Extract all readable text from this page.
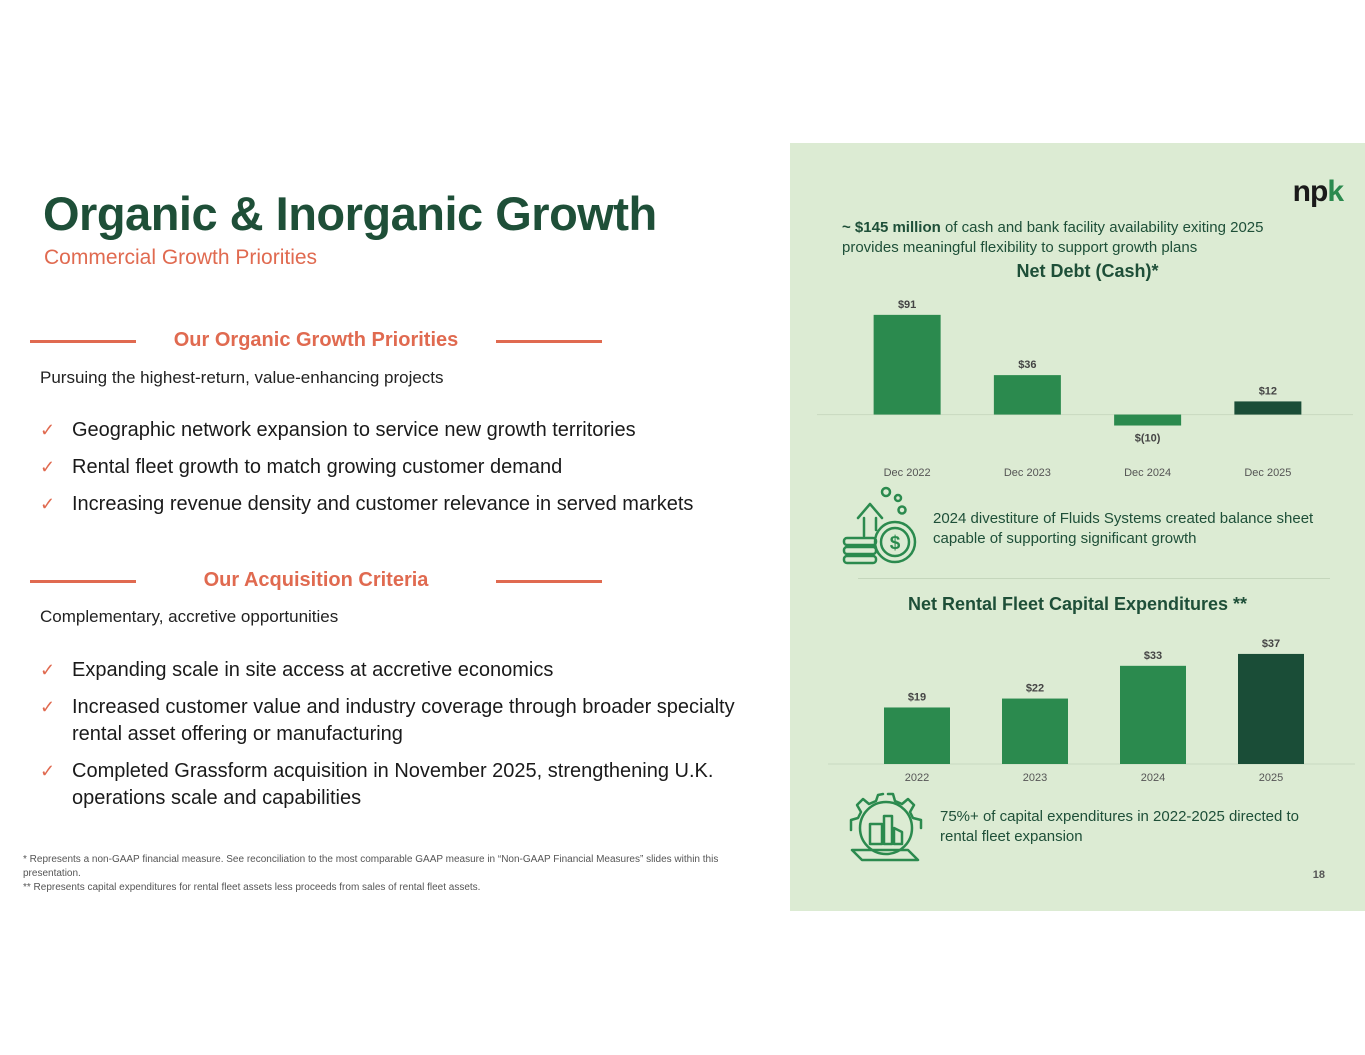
Organic & Inorganic Growth
Commercial Growth Priorities
Our Organic Growth Priorities
Pursuing the highest-return, value-enhancing projects
✓ Geographic network expansion to service new growth territories
✓ Rental fleet growth to match growing customer demand
✓ Increasing revenue density and customer relevance in served markets
Our Acquisition Criteria
Complementary, accretive opportunities
✓ Expanding scale in site access at accretive economics
✓ Increased customer value and industry coverage through broader specialty rental asset offering or manufacturing
✓ Completed Grassform acquisition in November 2025, strengthening U.K. operations scale and capabilities
* Represents a non-GAAP financial measure. See reconciliation to the most comparable GAAP measure in “Non-GAAP Financial Measures” slides within this presentation.
** Represents capital expenditures for rental fleet assets less proceeds from sales of rental fleet assets.
npk
~ $145 million of cash and bank facility availability exiting 2025 provides meaningful flexibility to support growth plans
Net Debt (Cash)*
$91
Dec 2022
$36
Dec 2023
$(10)
Dec 2024
$12
Dec 2025
$
2024 divestiture of Fluids Systems created balance sheet capable of supporting significant growth
Net Rental Fleet Capital Expenditures **
$19
2022
$22
2023
$33
2024
$37
2025
75%+ of capital expenditures in 2022-2025 directed to rental fleet expansion
18
